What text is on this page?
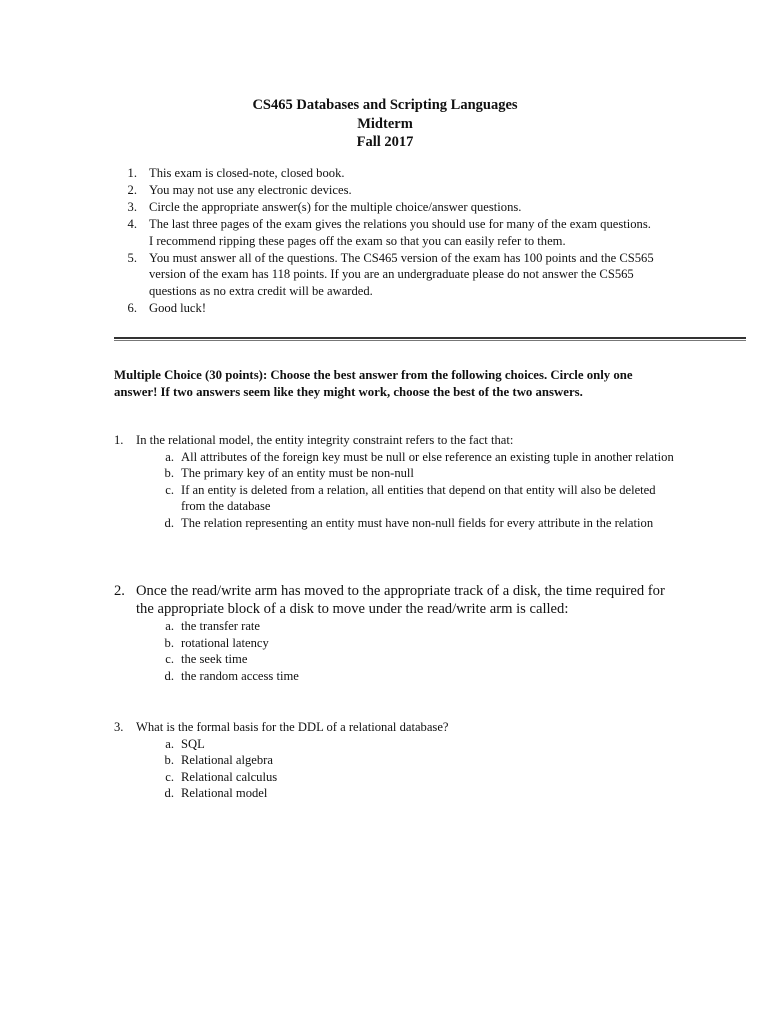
CS465 Databases and Scripting Languages
Midterm
Fall 2017
1. This exam is closed-note, closed book.
2. You may not use any electronic devices.
3. Circle the appropriate answer(s) for the multiple choice/answer questions.
4. The last three pages of the exam gives the relations you should use for many of the exam questions. I recommend ripping these pages off the exam so that you can easily refer to them.
5. You must answer all of the questions. The CS465 version of the exam has 100 points and the CS565 version of the exam has 118 points. If you are an undergraduate please do not answer the CS565 questions as no extra credit will be awarded.
6. Good luck!
Multiple Choice (30 points): Choose the best answer from the following choices. Circle only one answer! If two answers seem like they might work, choose the best of the two answers.
1. In the relational model, the entity integrity constraint refers to the fact that:
a. All attributes of the foreign key must be null or else reference an existing tuple in another relation
b. The primary key of an entity must be non-null
c. If an entity is deleted from a relation, all entities that depend on that entity will also be deleted from the database
d. The relation representing an entity must have non-null fields for every attribute in the relation
2. Once the read/write arm has moved to the appropriate track of a disk, the time required for the appropriate block of a disk to move under the read/write arm is called:
a. the transfer rate
b. rotational latency
c. the seek time
d. the random access time
3. What is the formal basis for the DDL of a relational database?
a. SQL
b. Relational algebra
c. Relational calculus
d. Relational model
